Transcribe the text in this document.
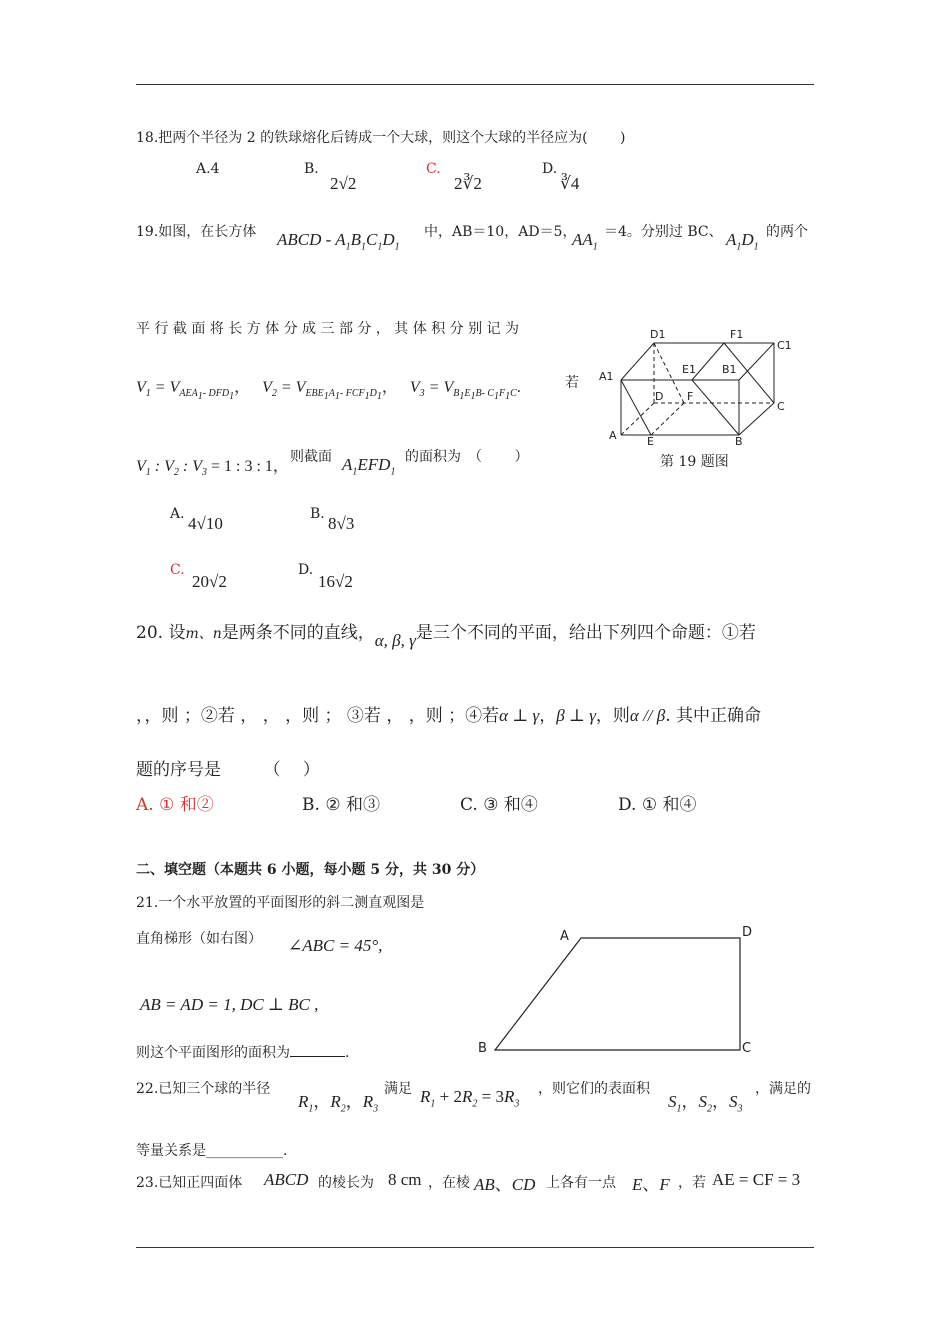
18.把两个半径为 2 的铁球熔化后铸成一个大球，则这个大球的半径应为(　　 )
A.4	B.
2√2
C.
2∛2
D.
∛4
19.如图，在长方体 ABCD - $A_1B_1C_1D_1$
中，AB＝10，AD＝5，
$AA_1$
＝4。分别过 BC、 $A_1D_1$
的两个
平 行 截 面 将 长 方 体 分 成 三 部 分 ， 其 体 积 分 别 记 为
$V_1 = V_{AEA_1- DFD_1}$，   $V_2 = V_{EBE_1A_1- FCF_1D_1}$，   $V_3 = V_{B_1E_1B- C_1F_1C}$.	若
$V_1$ : $V_2$ : $V_3 = 1$ : 3 : 1，
则截面 $A_1EFD_1$
的面积为　（　　 ）
A. 4√10	B. 8√3
C.
20√2
D.
16√2
D1	F1
C1
A1
E1 B1
D F
C
A	E	B
第 19 题图
20. 设m、n是两条不同的直线，α, β, γ是三个不同的平面，给出下列四个命题：①若
，，则 ；②若 ， ， ，则 ； ③若 ， ，则 ；④若α ⊥ γ，β ⊥ γ，则α // β. 其中正确命
题的序号是　　　（　 ）
A. ① 和②	B. ② 和③	C. ③ 和④	D. ① 和④
二、填空题（本题共 6 小题，每小题 5 分，共 30 分）
21.一个水平放置的平面图形的斜二测直观图是
直角梯形（如右图） ∠ABC = 45°,
AB = AD = 1, DC ⊥ BC ,
则这个平面图形的面积为	.
A	D
B	C
22.已知三个球的半径
$R_1$，$R_2$，$R_3$
满足 $R_1 + 2R_2 = 3R_3$
，则它们的表面积
$S_1$，$S_2$，$S_3$
，满足的
等量关系是___________.
23.已知正四面体 ABCD 的棱长为 8 cm ，在棱 AB、CD 上各有一点 E、F ，若 AE = CF = 3
